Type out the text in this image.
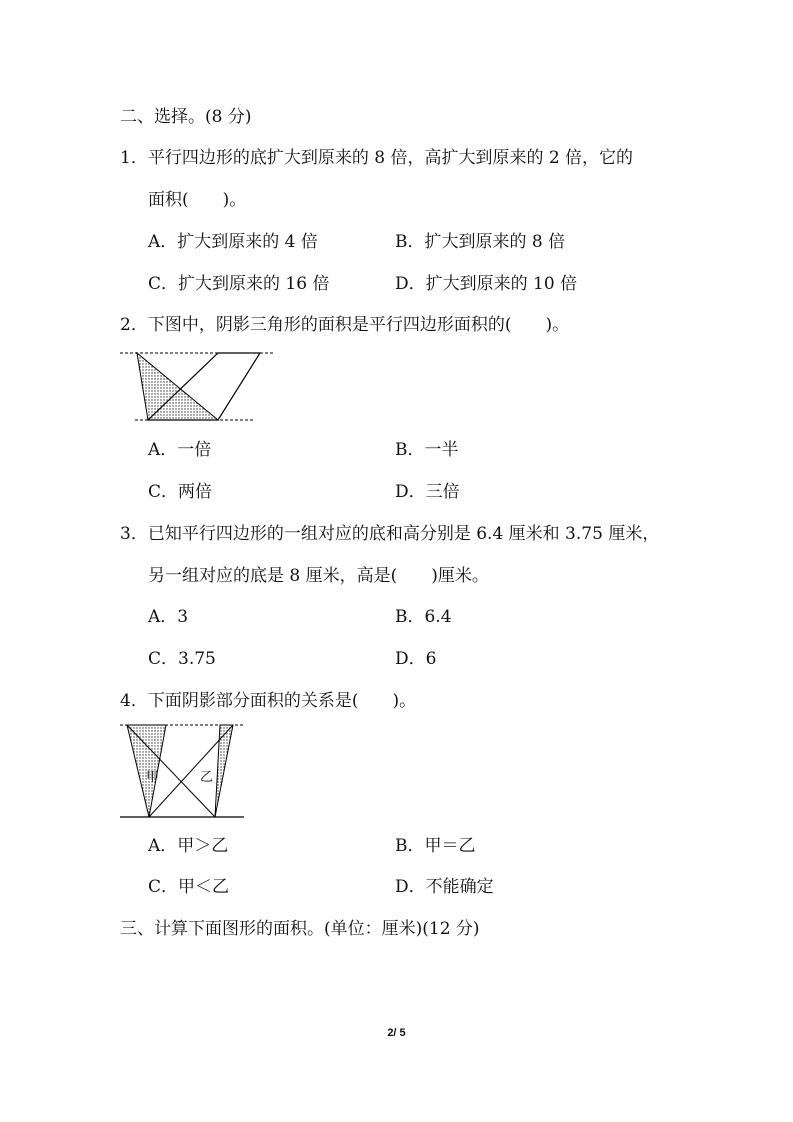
二、选择。(8 分)
1．平行四边形的底扩大到原来的 8 倍，高扩大到原来的 2 倍，它的
面积(　　)。
A．扩大到原来的 4 倍	B．扩大到原来的 8 倍
C．扩大到原来的 16 倍	D．扩大到原来的 10 倍
2．下图中，阴影三角形的面积是平行四边形面积的(　　)。
A．一倍	B．一半
C．两倍	D．三倍
3．已知平行四边形的一组对应的底和高分别是 6.4 厘米和 3.75 厘米，
另一组对应的底是 8 厘米，高是(　　)厘米。
A．3	B．6.4
C．3.75	D．6
4．下面阴影部分面积的关系是(　　)。
甲	乙
A．甲＞乙	B．甲＝乙
C．甲＜乙	D．不能确定
三、计算下面图形的面积。(单位：厘米)(12 分)
2/ 5
